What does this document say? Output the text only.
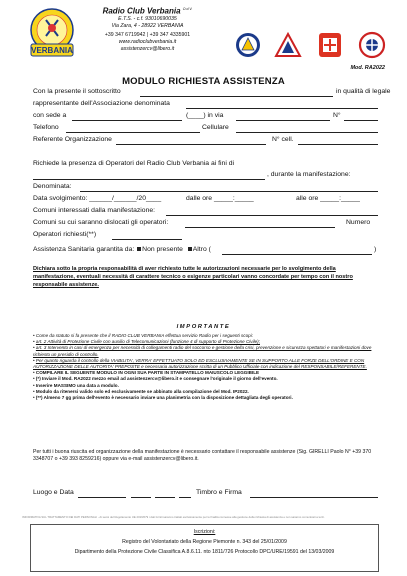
VERBANIA
Radio Club Verbania $^{O.d.V.}$
E.T.S. - c.f. 93010690035
Via Zara, 4 - 28922 VERBANIA
+39 347 6719942 | +39 347 4335901
www.radioclubverbania.it
assistenzercv@libero.it
Mod. RA2022
MODULO RICHIESTA ASSISTENZA
Con la presente il sottoscritto	in qualità di legale
rappresentante dell'Associazione denominata
con sede a	(____) in via	N°
Telefono	Cellulare
Referente Organizzazione	N° cell.
Richiede la presenza di Operatori del Radio Club Verbania ai fini di
, durante la manifestazione:
Denominata:
Data svolgimento: ______/______/20____	dalle ore _____:_____	alle ore _____:_____
Comuni interessati dalla manifestazione:
Comuni su cui saranno dislocati gli operatori:	Numero
Operatori richiesti(**)
Assistenza Sanitaria garantita da: Non presente Altro (	)
Dichiara sotto la propria responsabilità di aver richiesto tutte le autorizzazioni necessarie per lo svolgimento della manifestazione, eventuali necessità di carattere tecnico o esigenze particolari vanno concordate per tempo con il nostro responsabile assistenze.
IMPORTANTE

• Come da statuto si fa presente che il RADIO CLUB VERBANIA effettua servizio Radio per i seguenti scopi:

• art. 2 Attività di Protezione Civile con ausilio di Telecomunicazioni (funzione 4 di supporto di Protezione Civile);

• art. 3 Intervento in casi di emergenza per necessità di collegamenti radio del soccorso e gestione della crisi, prevenzione e sicurezza spettatori e manifestazioni dove richiesto un presidio di controllo.

• Per quanto riguarda il controllo della VIABILITA', VERRA' EFFETTUATO SOLO ED ESCLUSIVAMENTE SE IN SUPPORTO ALLE FORZE DELL'ORDINE E CON AUTORIZZAZIONE DELLE AUTORITA' PREPOSTE e necessaria autorizzazione scritta di un Pubblico Ufficiale con indicazione del RESPONSABILE/REFERENTE.

• COMPILARE IL SEGUENTE MODULO IN OGNI SUA PARTE IN STAMPATELLO MAIUSCOLO LEGGIBILE

• (*) Inviare il Mod. RA2022 mezzo email ad assistenzercv@libero.it e consegnare l'originale il giorno dell'evento.

• Inserire MASSIMO una data a modulo.

• Modulo da ritenersi valido solo ed esclusivamente se abbinato alla compilazione del Mod. IP2022.

• (**) Almeno 7 gg prima dell'evento è necessario inviare una planimetria con la disposizione dettagliata degli operatori.

Per tutti i buona riuscita ed organizzazione della manifestazione è necessario contattare il responsabile assistenze (Sig. GIRELLI Paolo N° +39 370 3348707 o +39 393 8259216) oppure via e-mail assistenzercv@libero.it.
Luogo e Data	Timbro e Firma
INFORMATIVA SUL TRATTAMENTO DEI DATI PERSONALI - Ai sensi del Regolamento UE 2016/679 i dati forniti saranno trattati esclusivamente per le finalità connesse alla gestione della richiesta di assistenza e non saranno comunicati a terzi.
Iscrizioni:
Registro del Volontariato della Regione Piemonte n. 343 del 25/01/2009
Dipartimento della Protezione Civile Classifica A.8.6.11. nto 1811/726 Protocollo DPC/URE/19591 del 13/03/2009
